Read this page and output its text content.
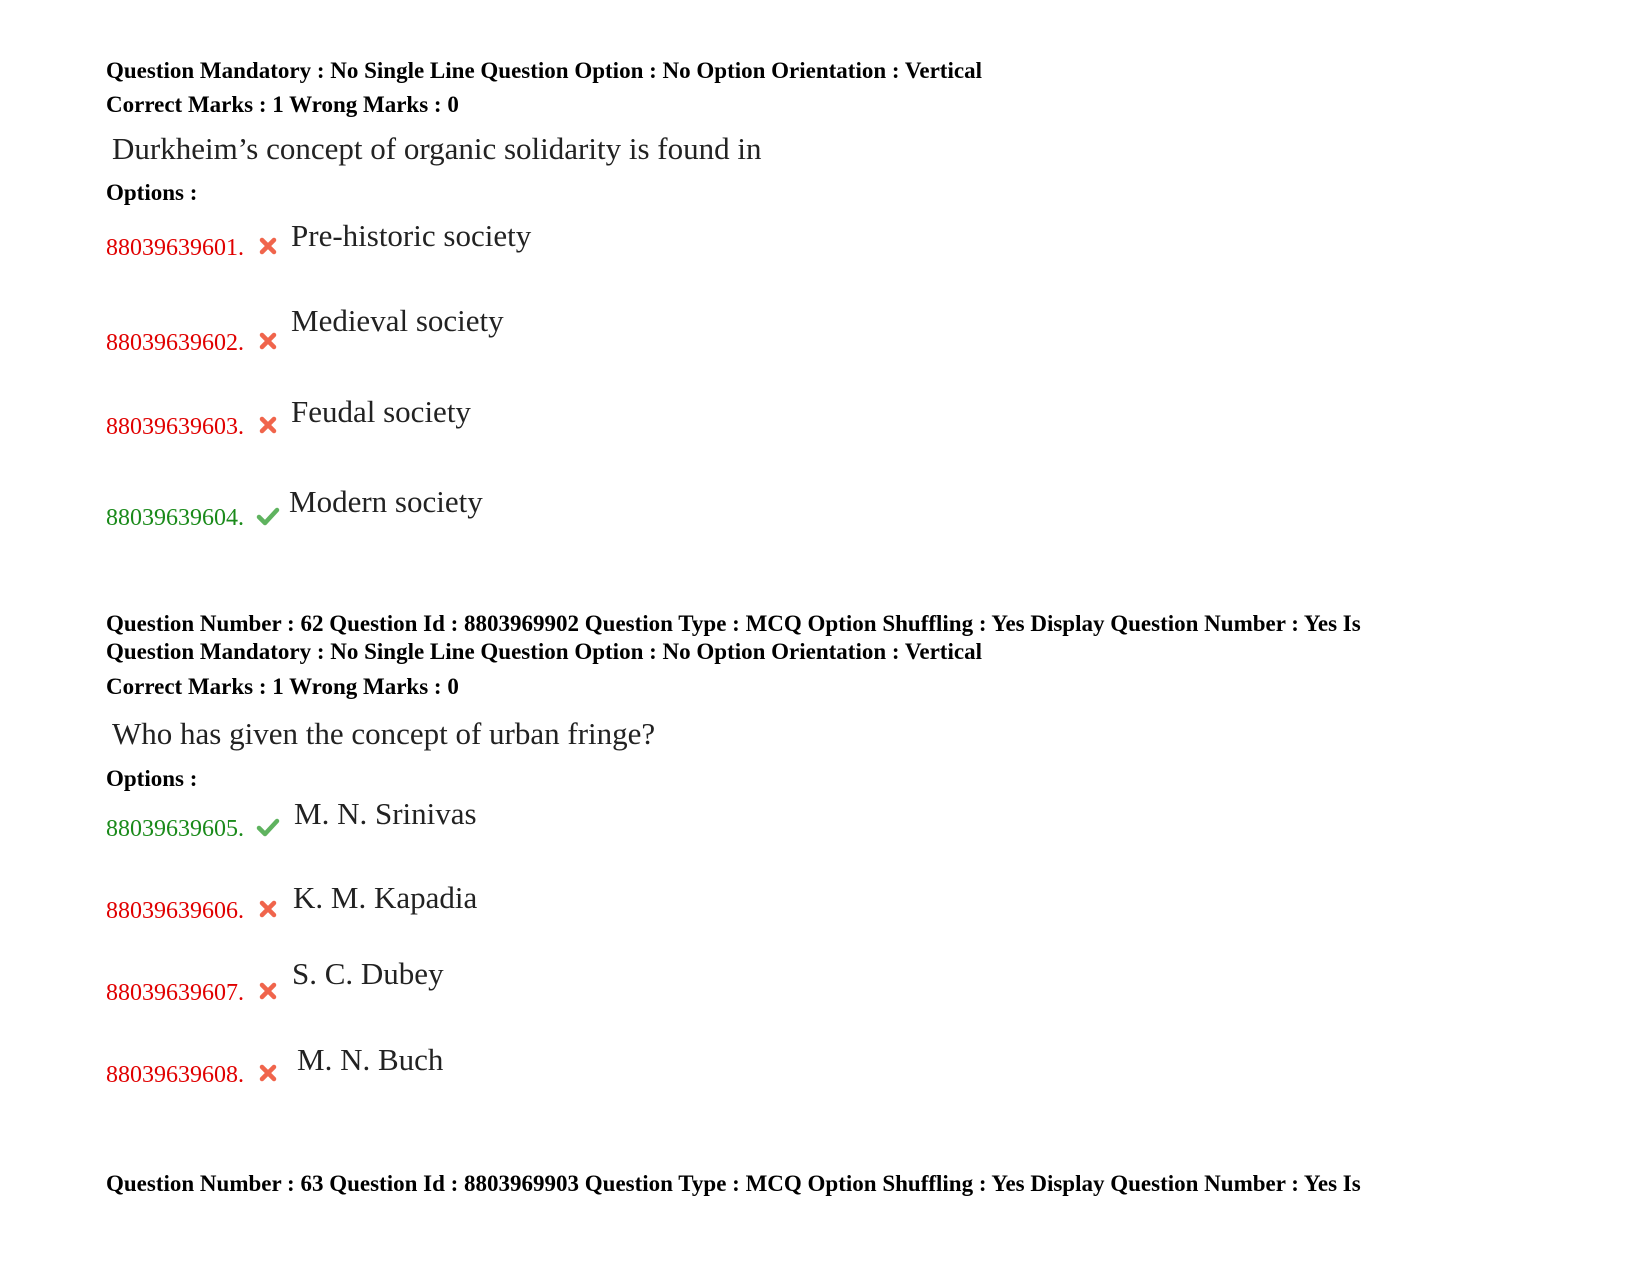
Question Mandatory : No Single Line Question Option : No Option Orientation : Vertical
Correct Marks : 1 Wrong Marks : 0
Durkheim’s concept of organic solidarity is found in
Options :
88039639601. Pre-historic society
88039639602.
Medieval society
88039639603. Feudal society
88039639604. Modern society
Question Number : 62 Question Id : 8803969902 Question Type : MCQ Option Shuffling : Yes Display Question Number : Yes Is
Question Mandatory : No Single Line Question Option : No Option Orientation : Vertical
Correct Marks : 1 Wrong Marks : 0
Who has given the concept of urban fringe?
Options :
88039639605. M. N. Srinivas
88039639606. K. M. Kapadia
88039639607.
S. C. Dubey
88039639608. M. N. Buch
Question Number : 63 Question Id : 8803969903 Question Type : MCQ Option Shuffling : Yes Display Question Number : Yes Is
